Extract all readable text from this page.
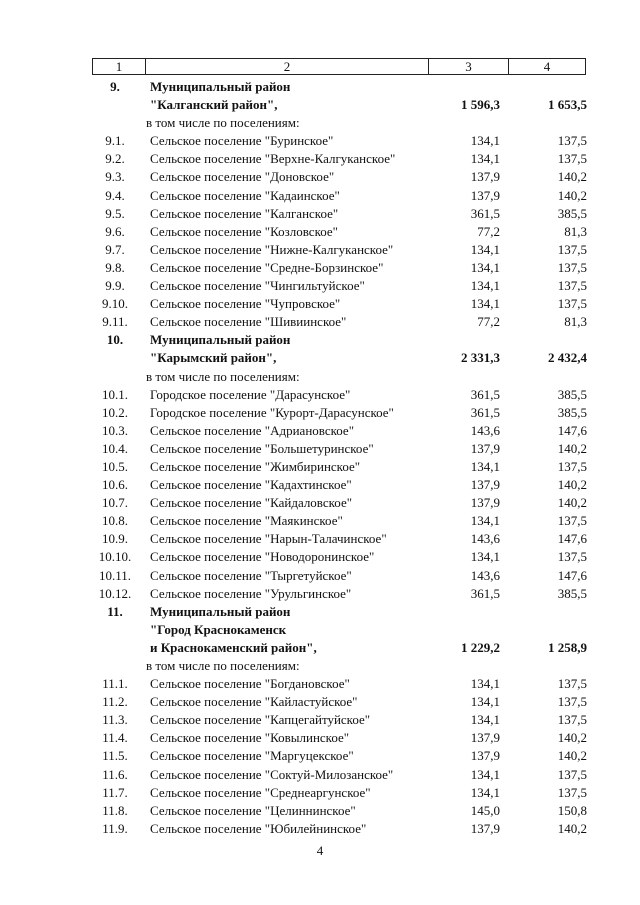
1	2	3	4
9.	Муниципальный район
"Калганский район",	1 596,3	1 653,5
в том числе по поселениям:
9.1.	Сельское поселение "Буринское"	134,1	137,5
9.2.	Сельское поселение "Верхне-Калгуканское"	134,1	137,5
9.3.	Сельское поселение "Доновское"	137,9	140,2
9.4.	Сельское поселение "Кадаинское"	137,9	140,2
9.5.	Сельское поселение "Калганское"	361,5	385,5
9.6.	Сельское поселение "Козловское"	77,2	81,3
9.7.	Сельское поселение "Нижне-Калгуканское"	134,1	137,5
9.8.	Сельское поселение "Средне-Борзинское"	134,1	137,5
9.9.	Сельское поселение "Чингильтуйское"	134,1	137,5
9.10.	Сельское поселение "Чупровское"	134,1	137,5
9.11.	Сельское поселение "Шивиинское"	77,2	81,3
10.	Муниципальный район
"Карымский район",	2 331,3	2 432,4
в том числе по поселениям:
10.1.	Городское поселение "Дарасунское"	361,5	385,5
10.2.	Городское поселение "Курорт-Дарасунское"	361,5	385,5
10.3.	Сельское поселение "Адриановское"	143,6	147,6
10.4.	Сельское поселение "Большетуринское"	137,9	140,2
10.5.	Сельское поселение "Жимбиринское"	134,1	137,5
10.6.	Сельское поселение "Кадахтинское"	137,9	140,2
10.7.	Сельское поселение "Кайдаловское"	137,9	140,2
10.8.	Сельское поселение "Маякинское"	134,1	137,5
10.9.	Сельское поселение "Нарын-Талачинское"	143,6	147,6
10.10. Сельское поселение "Новодоронинское"	134,1	137,5
10.11. Сельское поселение "Тыргетуйское"	143,6	147,6
10.12. Сельское поселение "Урульгинское"	361,5	385,5
11.	Муниципальный район
"Город Краснокаменск
и Краснокаменский район",	1 229,2	1 258,9
в том числе по поселениям:
11.1.	Сельское поселение "Богдановское"	134,1	137,5
11.2.	Сельское поселение "Кайластуйское"	134,1	137,5
11.3.	Сельское поселение "Капцегайтуйское"	134,1	137,5
11.4.	Сельское поселение "Ковылинское"	137,9	140,2
11.5.	Сельское поселение "Маргуцекское"	137,9	140,2
11.6.	Сельское поселение "Соктуй-Милозанское"	134,1	137,5
11.7.	Сельское поселение "Среднеаргунское"	134,1	137,5
11.8.	Сельское поселение "Целиннинское"	145,0	150,8
11.9.	Сельское поселение "Юбилейнинское"	137,9	140,2
4
